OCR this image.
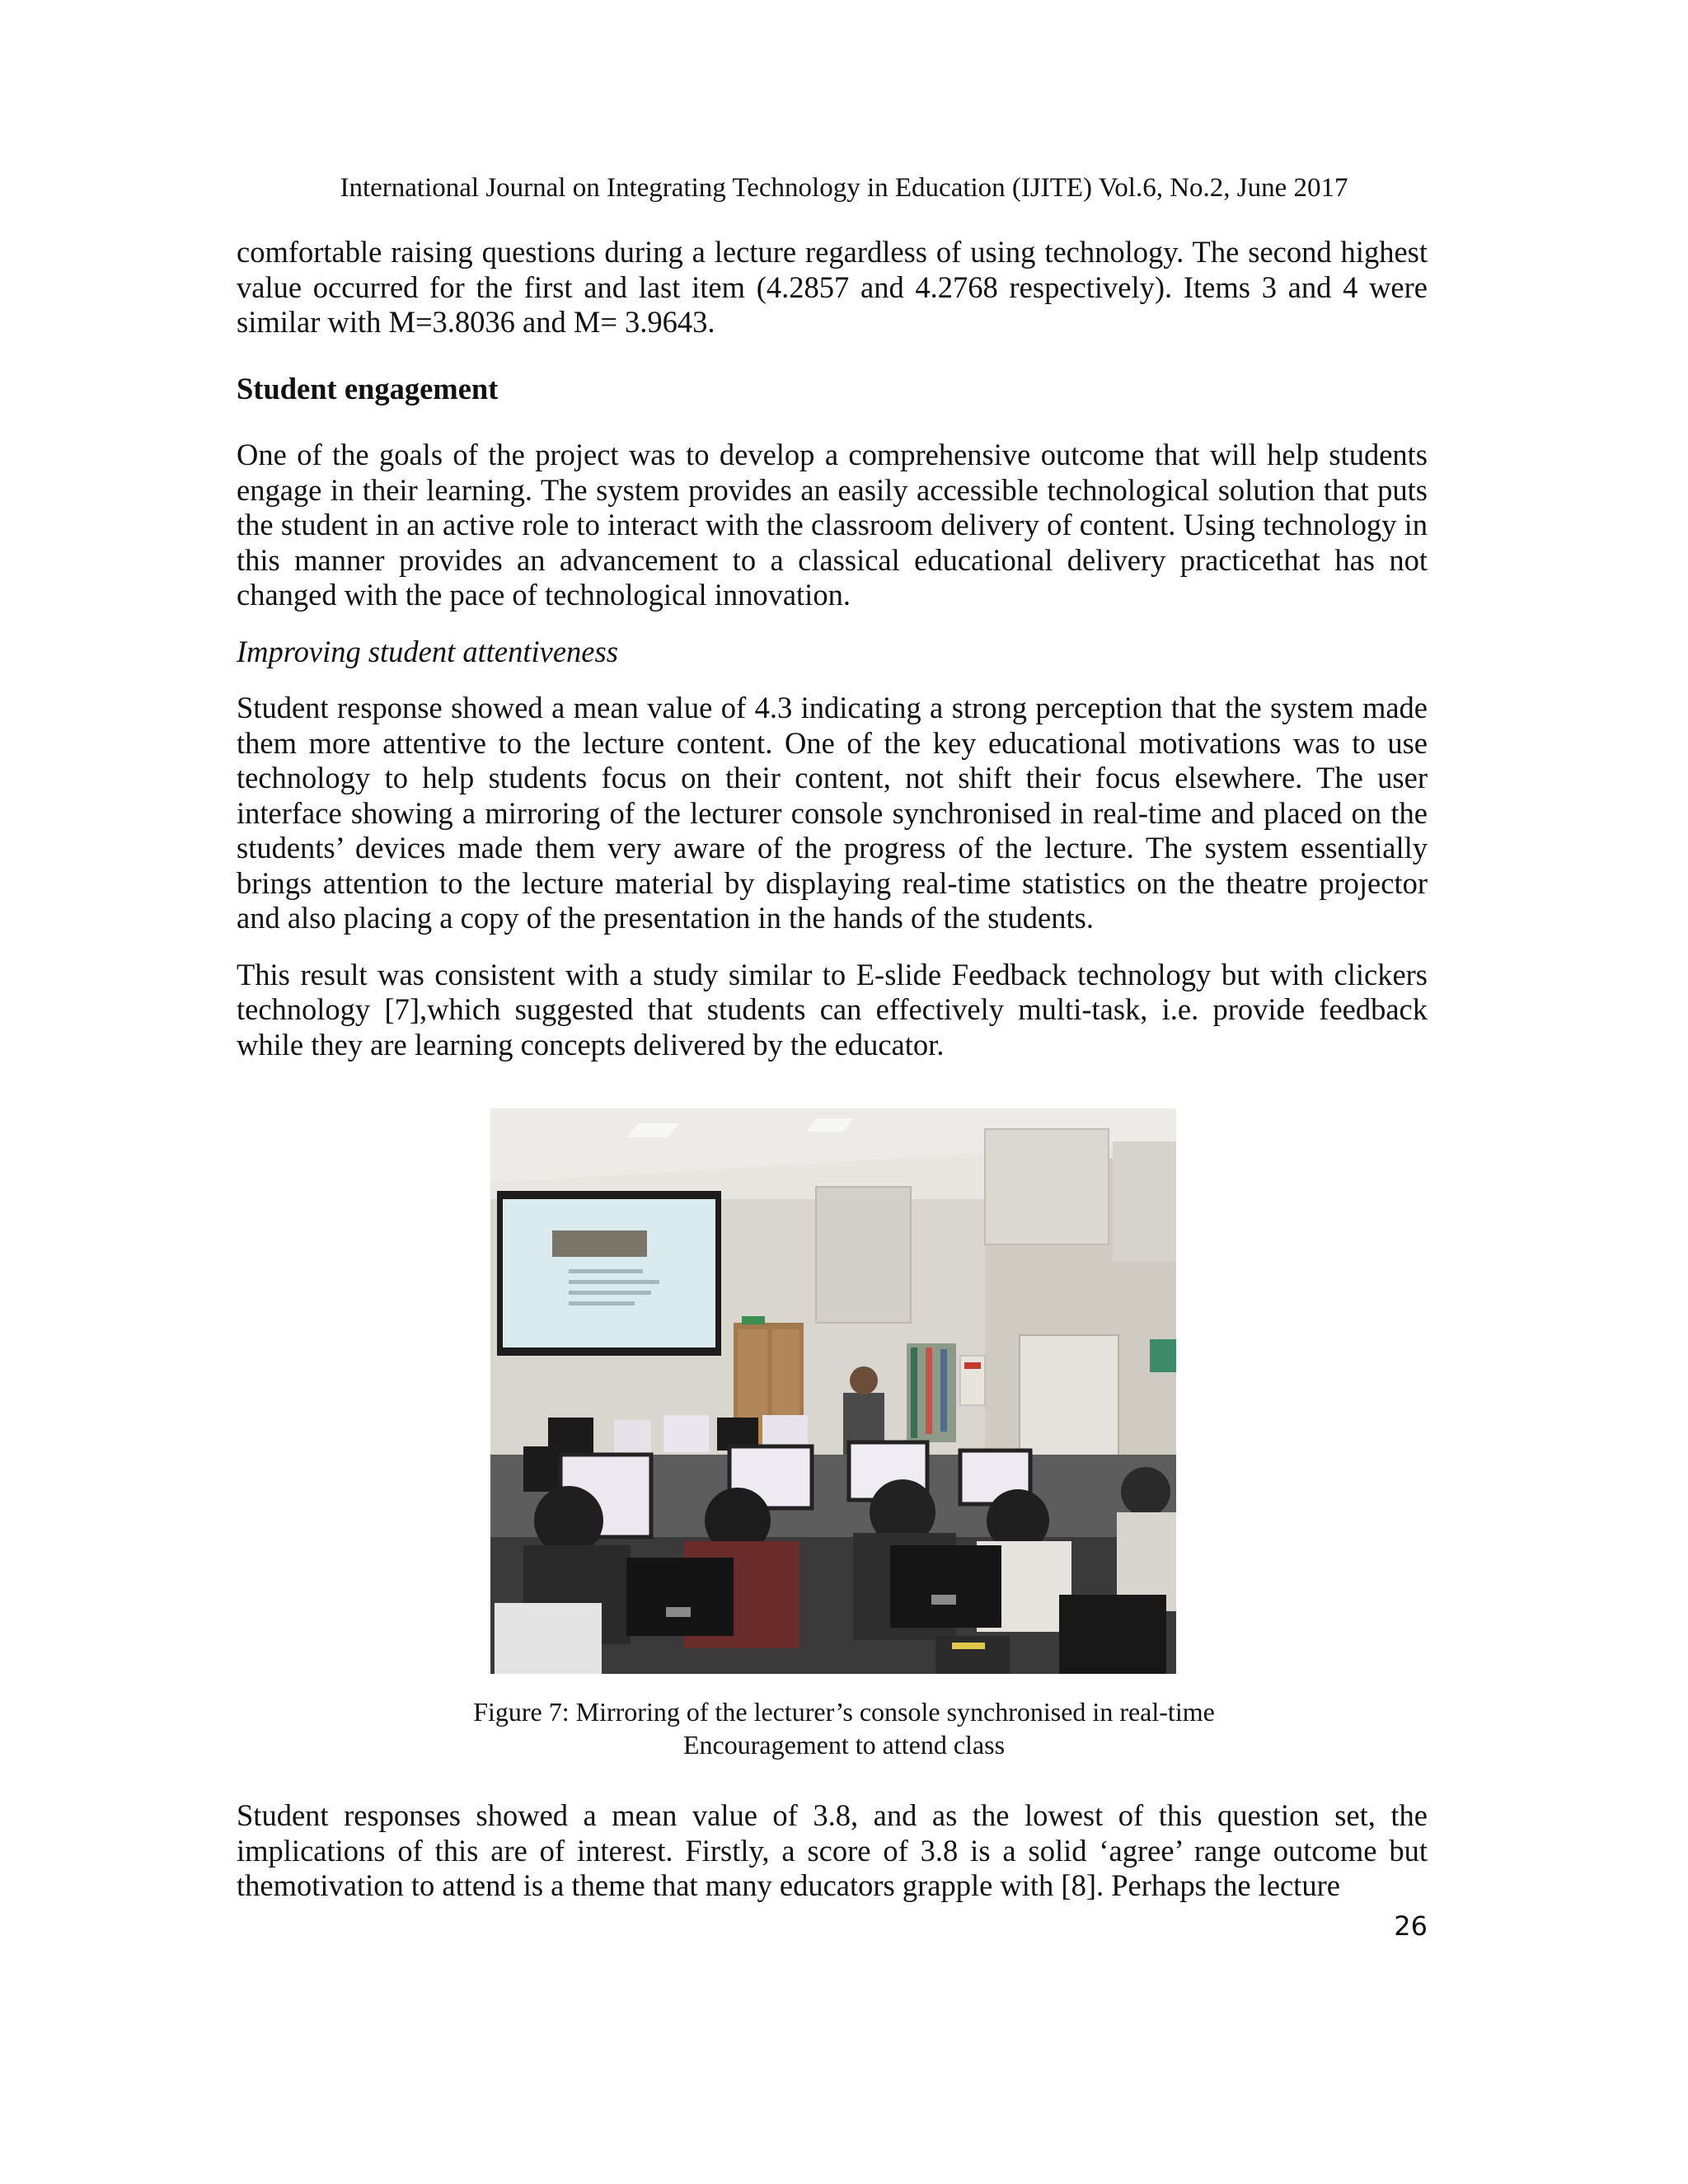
International Journal on Integrating Technology in Education (IJITE) Vol.6, No.2, June 2017

comfortable raising questions during a lecture regardless of using technology. The second highest value occurred for the first and last item (4.2857 and 4.2768 respectively). Items 3 and 4 were similar with M=3.8036 and M= 3.9643.

Student engagement

One of the goals of the project was to develop a comprehensive outcome that will help students engage in their learning. The system provides an easily accessible technological solution that puts the student in an active role to interact with the classroom delivery of content. Using technology in this manner provides an advancement to a classical educational delivery practicethat has not changed with the pace of technological innovation.

Improving student attentiveness

Student response showed a mean value of 4.3 indicating a strong perception that the system made them more attentive to the lecture content. One of the key educational motivations was to use technology to help students focus on their content, not shift their focus elsewhere. The user interface showing a mirroring of the lecturer console synchronised in real-time and placed on the students’ devices made them very aware of the progress of the lecture. The system essentially brings attention to the lecture material by displaying real-time statistics on the theatre projector and also placing a copy of the presentation in the hands of the students.

This result was consistent with a study similar to E-slide Feedback technology but with clickers technology [7],which suggested that students can effectively multi-task, i.e. provide feedback while they are learning concepts delivered by the educator.

Figure 7: Mirroring of the lecturer’s console synchronised in real-time
Encouragement to attend class

Student responses showed a mean value of 3.8, and as the lowest of this question set, the implications of this are of interest. Firstly, a score of 3.8 is a solid ‘agree’ range outcome but themotivation to attend is a theme that many educators grapple with [8]. Perhaps the lecture

26
